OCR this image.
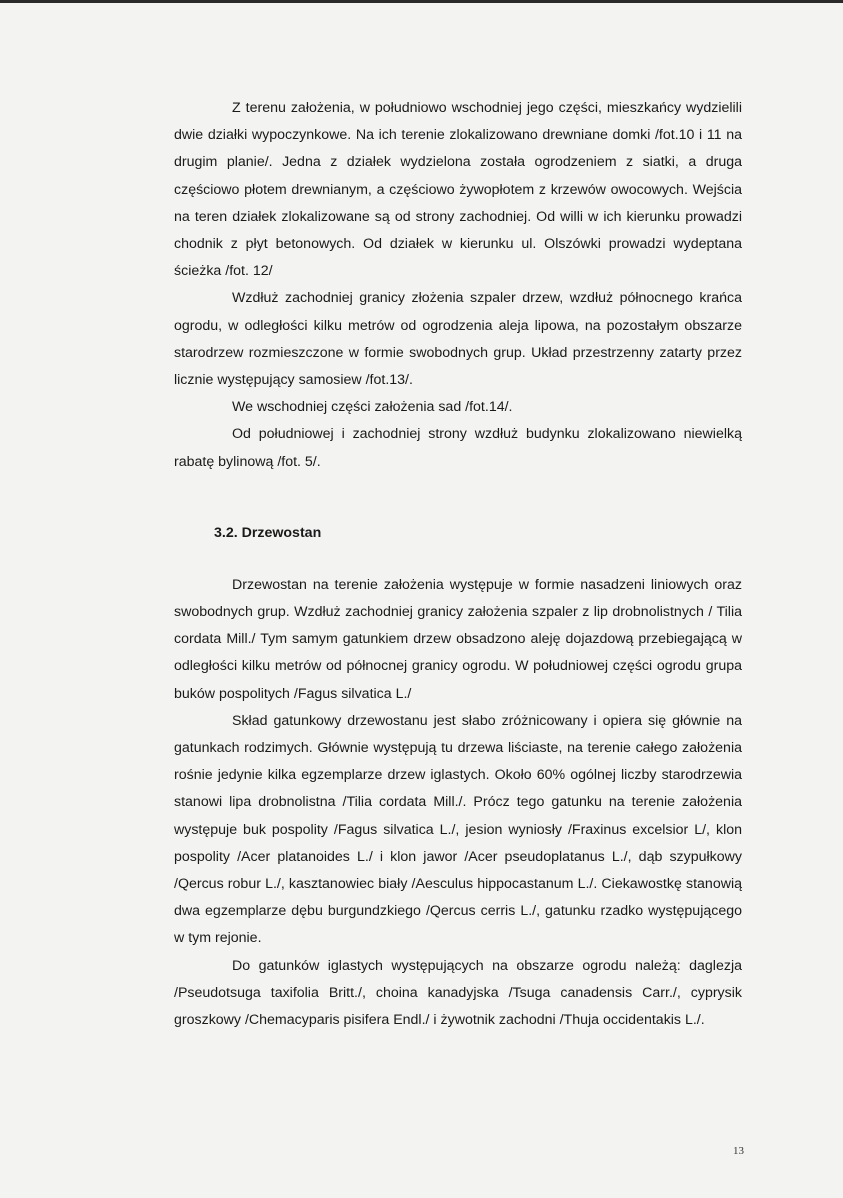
Z terenu założenia, w południowo wschodniej jego części, mieszkańcy wydzielili dwie działki wypoczynkowe. Na ich terenie zlokalizowano drewniane domki /fot.10 i 11 na drugim planie/. Jedna z działek wydzielona została ogrodzeniem z siatki, a druga częściowo płotem drewnianym, a częściowo żywopłotem z krzewów owocowych. Wejścia na teren działek zlokalizowane są od strony zachodniej. Od willi w ich kierunku prowadzi chodnik z płyt betonowych. Od działek w kierunku ul. Olszówki prowadzi wydeptana ścieżka /fot. 12/

Wzdłuż zachodniej granicy złożenia szpaler drzew, wzdłuż północnego krańca ogrodu, w odległości kilku metrów od ogrodzenia aleja lipowa, na pozostałym obszarze starodrzew rozmieszczone w formie swobodnych grup. Układ przestrzenny zatarty przez licznie występujący samosiew /fot.13/.

We wschodniej części założenia sad /fot.14/.

Od południowej i zachodniej strony wzdłuż budynku zlokalizowano niewielką rabatę bylinową /fot. 5/.

3.2. Drzewostan

Drzewostan na terenie założenia występuje w formie nasadzeni liniowych oraz swobodnych grup. Wzdłuż zachodniej granicy założenia szpaler z lip drobnolistnych / Tilia cordata Mill./ Tym samym gatunkiem drzew obsadzono aleję dojazdową przebiegającą w odległości kilku metrów od północnej granicy ogrodu. W południowej części ogrodu grupa buków pospolitych /Fagus silvatica L./

Skład gatunkowy drzewostanu jest słabo zróżnicowany i opiera się głównie na gatunkach rodzimych. Głównie występują tu drzewa liściaste, na terenie całego założenia rośnie jedynie kilka egzemplarze drzew iglastych. Około 60% ogólnej liczby starodrzewia stanowi lipa drobnolistna /Tilia cordata Mill./. Prócz tego gatunku na terenie założenia występuje buk pospolity /Fagus silvatica L./, jesion wyniosły /Fraxinus excelsior L/, klon pospolity /Acer platanoides L./ i klon jawor /Acer pseudoplatanus L./, dąb szypułkowy /Qercus robur L./, kasztanowiec biały /Aesculus hippocastanum L./. Ciekawostkę stanowią dwa egzemplarze dębu burgundzkiego /Qercus cerris L./, gatunku rzadko występującego w tym rejonie.

Do gatunków iglastych występujących na obszarze ogrodu należą: daglezja /Pseudotsuga taxifolia Britt./, choina kanadyjska /Tsuga canadensis Carr./, cyprysik groszkowy /Chemacyparis pisifera Endl./ i żywotnik zachodni /Thuja occidentakis L./.

13
